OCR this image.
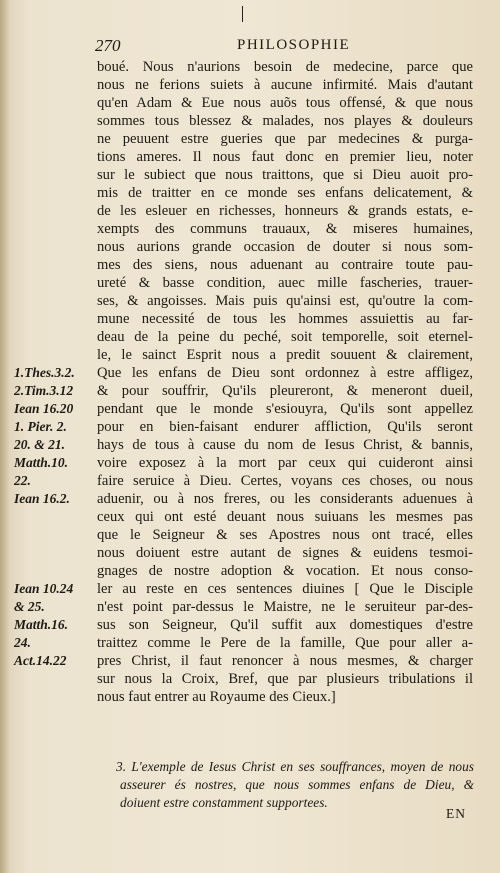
270	PHILOSOPHIE
boué. Nous n'aurions besoin de medecine, parce que
nous ne ferions suiets à aucune infirmité. Mais d'autant
qu'en Adam & Eue nous auõs tous offensé, & que nous
sommes tous blessez & malades, nos playes & douleurs
ne peuuent estre gueries que par medecines & purga-
tions ameres. Il nous faut donc en premier lieu, noter
sur le subiect que nous traittons, que si Dieu auoit pro-
mis de traitter en ce monde ses enfans delicatement, &
de les esleuer en richesses, honneurs & grands estats, e-
xempts des communs trauaux, & miseres humaines,
nous aurions grande occasion de douter si nous som-
mes des siens, nous aduenant au contraire toute pau-
ureté & basse condition, auec mille fascheries, trauer-
ses, & angoisses. Mais puis qu'ainsi est, qu'outre la com-
mune necessité de tous les hommes assuiettis au far-
deau de la peine du peché, soit temporelle, soit eternel-
le, le sainct Esprit nous a predit souuent & clairement,
Que les enfans de Dieu sont ordonnez à estre affligez,
& pour souffrir, Qu'ils pleureront, & meneront dueil,
pendant que le monde s'esiouyra, Qu'ils sont appellez
pour en bien-faisant endurer affliction, Qu'ils seront
hays de tous à cause du nom de Iesus Christ, & bannis,
voire exposez à la mort par ceux qui cuideront ainsi
faire seruice à Dieu. Certes, voyans ces choses, ou nous
aduenir, ou à nos freres, ou les considerants aduenues à
ceux qui ont esté deuant nous suiuans les mesmes pas
que le Seigneur & ses Apostres nous ont tracé, elles
nous doiuent estre autant de signes & euidens tesmoi-
gnages de nostre adoption & vocation. Et nous conso-
ler au reste en ces sentences diuines [ Que le Disciple
n'est point par-dessus le Maistre, ne le seruiteur par-des-
sus son Seigneur, Qu'il suffit aux domestiques d'estre
traittez comme le Pere de la famille, Que pour aller a-
pres Christ, il faut renoncer à nous mesmes, & charger
sur nous la Croix, Bref, que par plusieurs tribulations il
nous faut entrer au Royaume des Cieux.]
1.Thes.3.2.
2.Tim.3.12
Iean 16.20
1. Pier. 2.
20. & 21.
Matth.10.
22.
Iean 16.2.
Iean 10.24
& 25.
Matth.16.
24.
Act.14.22
3. L'exemple de Iesus Christ en ses souffrances, moyen de nous
asseurer és nostres, que nous sommes enfans de Dieu, &
doiuent estre constamment supportees.
EN
